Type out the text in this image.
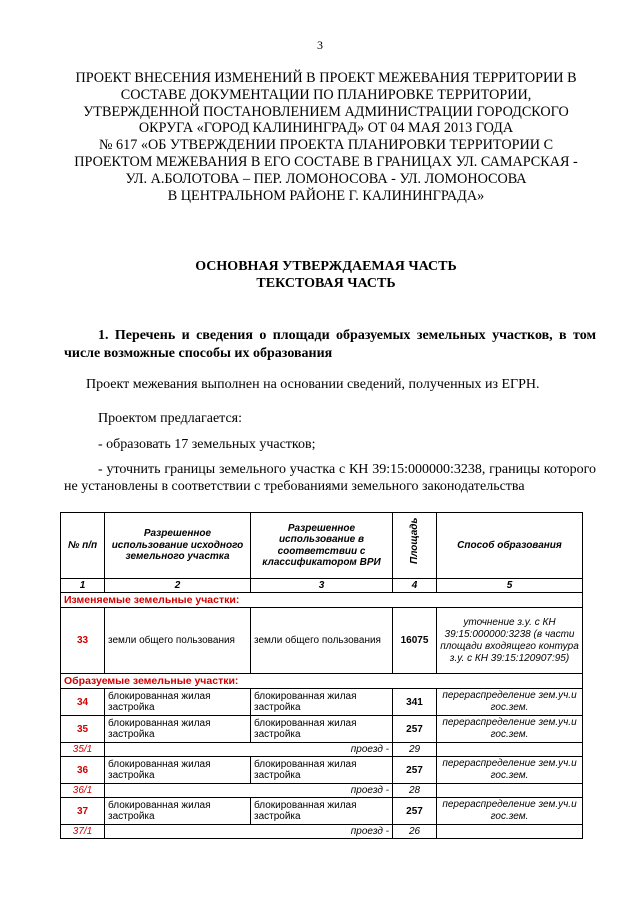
3
ПРОЕКТ ВНЕСЕНИЯ ИЗМЕНЕНИЙ В ПРОЕКТ МЕЖЕВАНИЯ ТЕРРИТОРИИ В
СОСТАВЕ ДОКУМЕНТАЦИИ ПО ПЛАНИРОВКЕ ТЕРРИТОРИИ,
УТВЕРЖДЕННОЙ ПОСТАНОВЛЕНИЕМ АДМИНИСТРАЦИИ ГОРОДСКОГО
ОКРУГА «ГОРОД КАЛИНИНГРАД» ОТ 04 МАЯ 2013 ГОДА
№ 617 «ОБ УТВЕРЖДЕНИИ ПРОЕКТА ПЛАНИРОВКИ ТЕРРИТОРИИ С
ПРОЕКТОМ МЕЖЕВАНИЯ В ЕГО СОСТАВЕ В ГРАНИЦАХ УЛ. САМАРСКАЯ -
УЛ. А.БОЛОТОВА – ПЕР. ЛОМОНОСОВА - УЛ. ЛОМОНОСОВА
В ЦЕНТРАЛЬНОМ РАЙОНЕ Г. КАЛИНИНГРАДА»
ОСНОВНАЯ УТВЕРЖДАЕМАЯ ЧАСТЬ
ТЕКСТОВАЯ ЧАСТЬ
1. Перечень и сведения о площади образуемых земельных участков, в том числе возможные способы их образования
Проект межевания выполнен на основании сведений, полученных из ЕГРН.
Проектом предлагается:
- образовать 17 земельных участков;
- уточнить границы земельного участка с КН 39:15:000000:3238, границы которого не установлены в соответствии с требованиями земельного законодательства
№ п/п	Разрешенное использование исходного земельного участка	Разрешенное использование в соответствии с классификатором ВРИ	Площадь	Способ образования
1	2	3	4	5
Изменяемые земельные участки:				
33	земли общего пользования	земли общего пользования	16075	уточнение з.у. с КН 39:15:000000:3238 (в части площади входящего контура з.у. с КН 39:15:120907:95)
Образуемые земельные участки:				
34	блокированная жилая застройка	блокированная жилая застройка	341	перераспределение зем.уч.и гос.зем.
35	блокированная жилая застройка	блокированная жилая застройка	257	перераспределение зем.уч.и гос.зем.
35/1	проезд -		29	
36	блокированная жилая застройка	блокированная жилая застройка	257	перераспределение зем.уч.и гос.зем.
36/1	проезд -		28	
37	блокированная жилая застройка	блокированная жилая застройка	257	перераспределение зем.уч.и гос.зем.
37/1	проезд -		26	
